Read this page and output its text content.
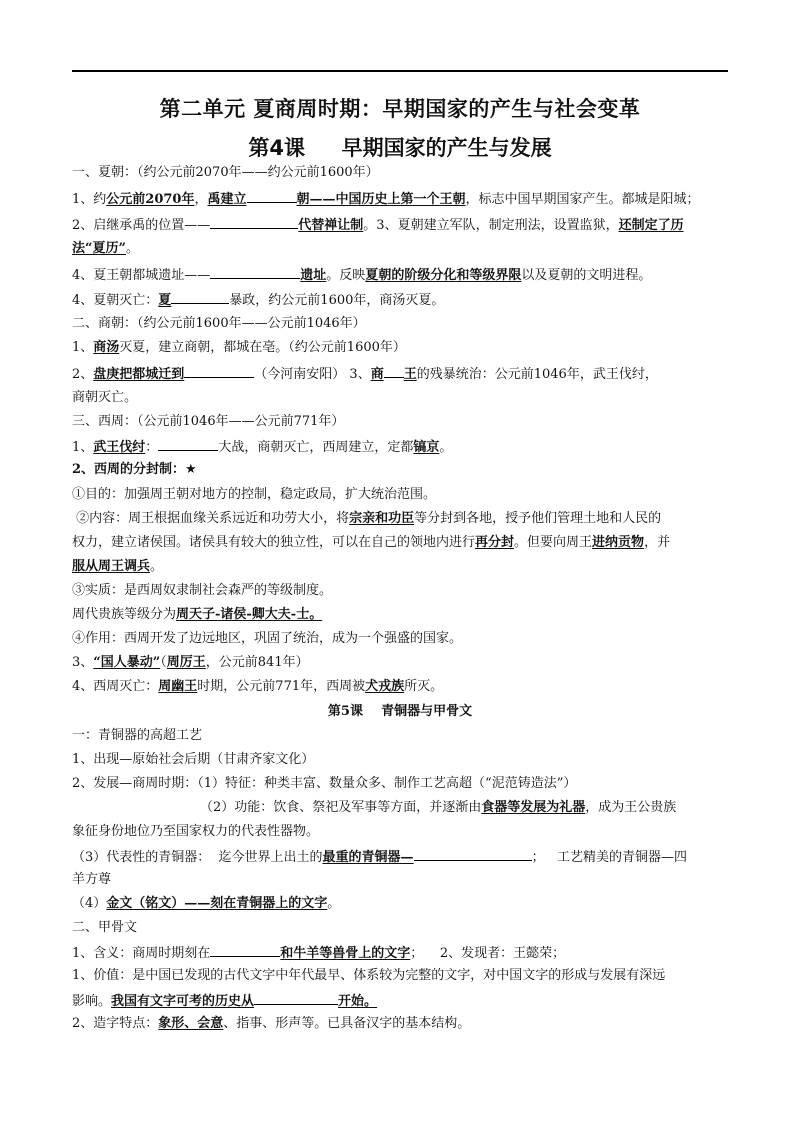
第二单元 夏商周时期：早期国家的产生与社会变革
第4课     早期国家的产生与发展
一、夏朝：（约公元前2070年——约公元前1600年）
1、约公元前2070年，禹建立	朝——中国历史上第一个王朝，标志中国早期国家产生。都城是阳城；
2、启继承禹的位置——	代替禅让制。3、夏朝建立军队，制定刑法，设置监狱，还制定了历
法“夏历”。
4、夏王朝都城遗址——	遗址。反映夏朝的阶级分化和等级界限以及夏朝的文明进程。
4、夏朝灭亡：夏	暴政，约公元前1600年，商汤灭夏。
二、商朝：（约公元前1600年——公元前1046年）
1、商汤灭夏，建立商朝，都城在亳。（约公元前1600年）
2、盘庚把都城迁到	（今河南安阳） 3、商 王的残暴统治：公元前1046年，武王伐纣，
商朝灭亡。
三、西周：（公元前1046年——公元前771年）
1、武王伐纣：	大战，商朝灭亡，西周建立，定都镐京。
2、西周的分封制：★
①目的：加强周王朝对地方的控制，稳定政局，扩大统治范围。
②内容：周王根据血缘关系远近和功劳大小，将宗亲和功臣等分封到各地，授予他们管理土地和人民的
权力，建立诸侯国。诸侯具有较大的独立性，可以在自己的领地内进行再分封。但要向周王进纳贡物，并
服从周王调兵。
③实质：是西周奴隶制社会森严的等级制度。
周代贵族等级分为周天子-诸侯-卿大夫-士。
④作用：西周开发了边远地区，巩固了统治，成为一个强盛的国家。
3、“国人暴动”（周厉王，公元前841年）
4、西周灭亡：周幽王时期，公元前771年，西周被犬戎族所灭。
第5课    青铜器与甲骨文
一：青铜器的高超工艺
1、出现—原始社会后期（甘肃齐家文化）
2、发展—商周时期：（1）特征：种类丰富、数量众多、制作工艺高超（“泥范铸造法”）
（2）功能：饮食、祭祀及军事等方面，并逐渐由食器等发展为礼器，成为王公贵族
象征身份地位乃至国家权力的代表性器物。
（3）代表性的青铜器：  迄今世界上出土的最重的青铜器—	；   工艺精美的青铜器—四
羊方尊
（4）金文（铭文）——刻在青铜器上的文字。
二、甲骨文
1、含义：商周时期刻在	和牛羊等兽骨上的文字；    2、发现者：王懿荣；
1、价值：是中国已发现的古代文字中年代最早、体系较为完整的文字，对中国文字的形成与发展有深远
影响。我国有文字可考的历史从	开始。
2、造字特点：象形、会意、指事、形声等。已具备汉字的基本结构。
